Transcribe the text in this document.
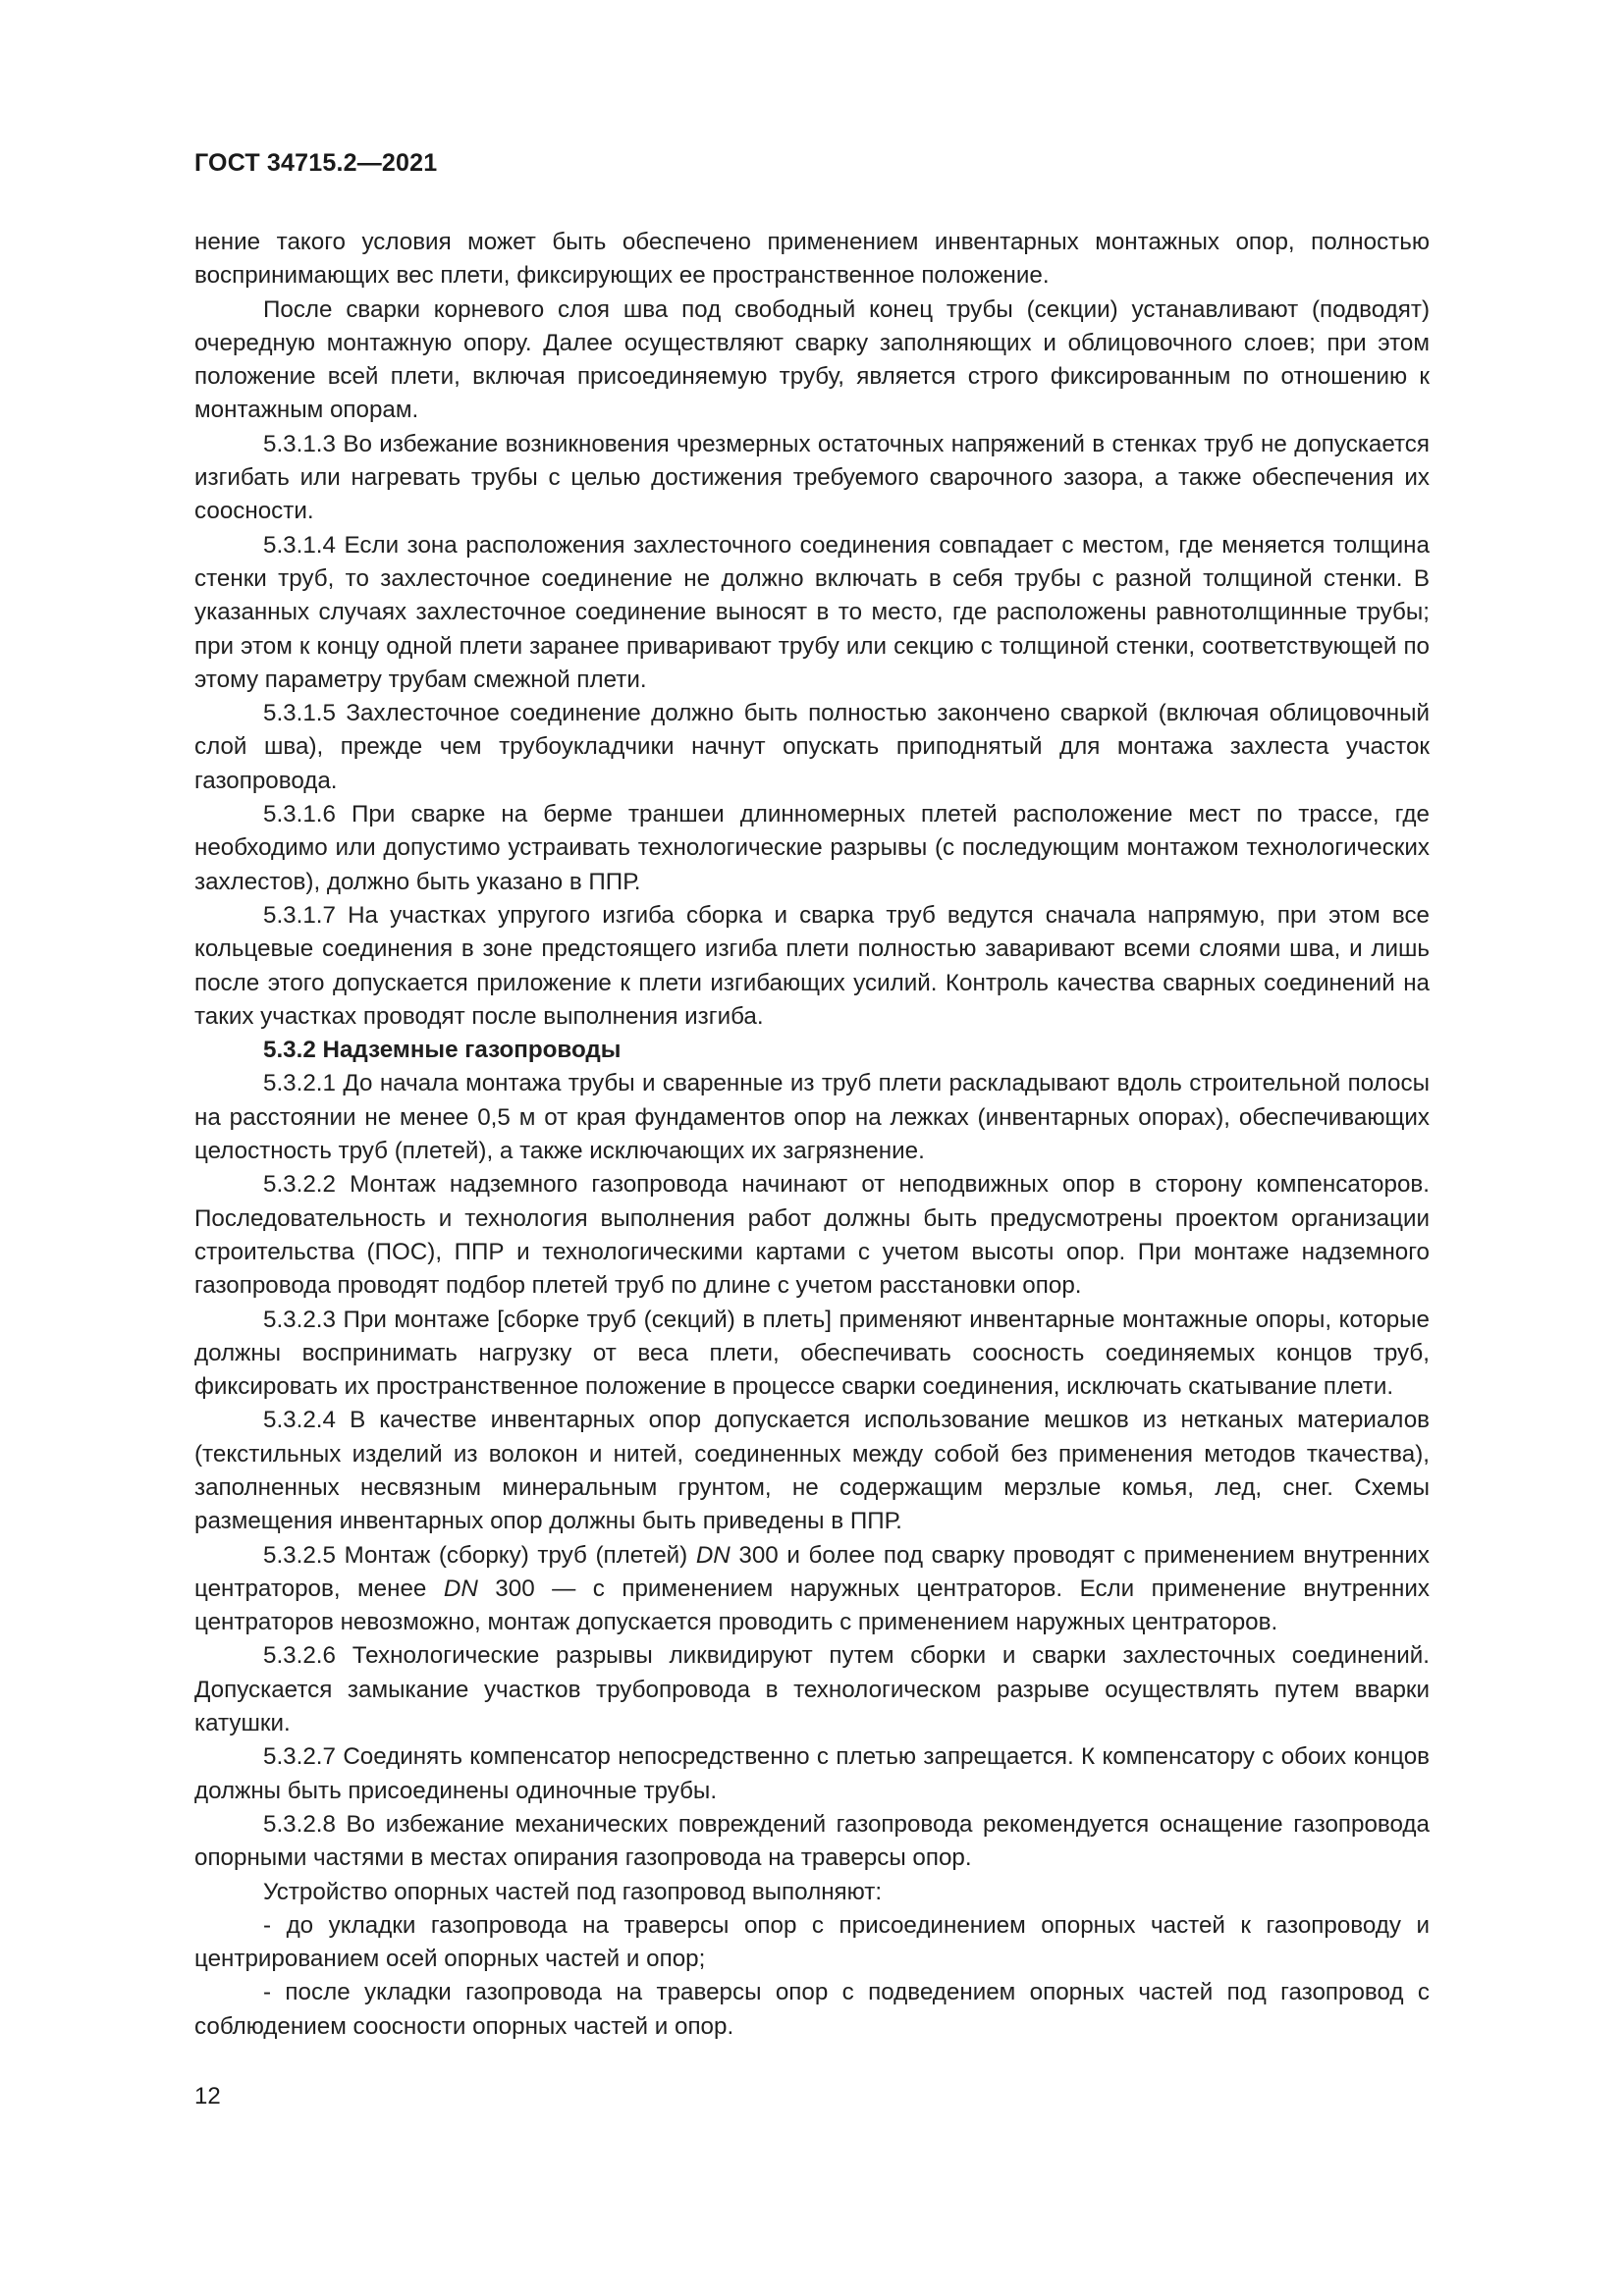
ГОСТ 34715.2—2021

нение такого условия может быть обеспечено применением инвентарных монтажных опор, полностью воспринимающих вес плети, фиксирующих ее пространственное положение.

После сварки корневого слоя шва под свободный конец трубы (секции) устанавливают (подводят) очередную монтажную опору. Далее осуществляют сварку заполняющих и облицовочного слоев; при этом положение всей плети, включая присоединяемую трубу, является строго фиксированным по отношению к монтажным опорам.

5.3.1.3 Во избежание возникновения чрезмерных остаточных напряжений в стенках труб не допускается изгибать или нагревать трубы с целью достижения требуемого сварочного зазора, а также обеспечения их соосности.

5.3.1.4 Если зона расположения захлесточного соединения совпадает с местом, где меняется толщина стенки труб, то захлесточное соединение не должно включать в себя трубы с разной толщиной стенки. В указанных случаях захлесточное соединение выносят в то место, где расположены равнотолщинные трубы; при этом к концу одной плети заранее приваривают трубу или секцию с толщиной стенки, соответствующей по этому параметру трубам смежной плети.

5.3.1.5 Захлесточное соединение должно быть полностью закончено сваркой (включая облицовочный слой шва), прежде чем трубоукладчики начнут опускать приподнятый для монтажа захлеста участок газопровода.

5.3.1.6 При сварке на берме траншеи длинномерных плетей расположение мест по трассе, где необходимо или допустимо устраивать технологические разрывы (с последующим монтажом технологических захлестов), должно быть указано в ППР.

5.3.1.7 На участках упругого изгиба сборка и сварка труб ведутся сначала напрямую, при этом все кольцевые соединения в зоне предстоящего изгиба плети полностью заваривают всеми слоями шва, и лишь после этого допускается приложение к плети изгибающих усилий. Контроль качества сварных соединений на таких участках проводят после выполнения изгиба.

5.3.2 Надземные газопроводы

5.3.2.1 До начала монтажа трубы и сваренные из труб плети раскладывают вдоль строительной полосы на расстоянии не менее 0,5 м от края фундаментов опор на лежках (инвентарных опорах), обеспечивающих целостность труб (плетей), а также исключающих их загрязнение.

5.3.2.2 Монтаж надземного газопровода начинают от неподвижных опор в сторону компенсаторов. Последовательность и технология выполнения работ должны быть предусмотрены проектом организации строительства (ПОС), ППР и технологическими картами с учетом высоты опор. При монтаже надземного газопровода проводят подбор плетей труб по длине с учетом расстановки опор.

5.3.2.3 При монтаже [сборке труб (секций) в плеть] применяют инвентарные монтажные опоры, которые должны воспринимать нагрузку от веса плети, обеспечивать соосность соединяемых концов труб, фиксировать их пространственное положение в процессе сварки соединения, исключать скатывание плети.

5.3.2.4 В качестве инвентарных опор допускается использование мешков из нетканых материалов (текстильных изделий из волокон и нитей, соединенных между собой без применения методов ткачества), заполненных несвязным минеральным грунтом, не содержащим мерзлые комья, лед, снег. Схемы размещения инвентарных опор должны быть приведены в ППР.

5.3.2.5 Монтаж (сборку) труб (плетей) DN 300 и более под сварку проводят с применением внутренних центраторов, менее DN 300 — с применением наружных центраторов. Если применение внутренних центраторов невозможно, монтаж допускается проводить с применением наружных центраторов.

5.3.2.6 Технологические разрывы ликвидируют путем сборки и сварки захлесточных соединений. Допускается замыкание участков трубопровода в технологическом разрыве осуществлять путем вварки катушки.

5.3.2.7 Соединять компенсатор непосредственно с плетью запрещается. К компенсатору с обоих концов должны быть присоединены одиночные трубы.

5.3.2.8 Во избежание механических повреждений газопровода рекомендуется оснащение газопровода опорными частями в местах опирания газопровода на траверсы опор.

Устройство опорных частей под газопровод выполняют:

- до укладки газопровода на траверсы опор с присоединением опорных частей к газопроводу и центрированием осей опорных частей и опор;

- после укладки газопровода на траверсы опор с подведением опорных частей под газопровод с соблюдением соосности опорных частей и опор.

12
